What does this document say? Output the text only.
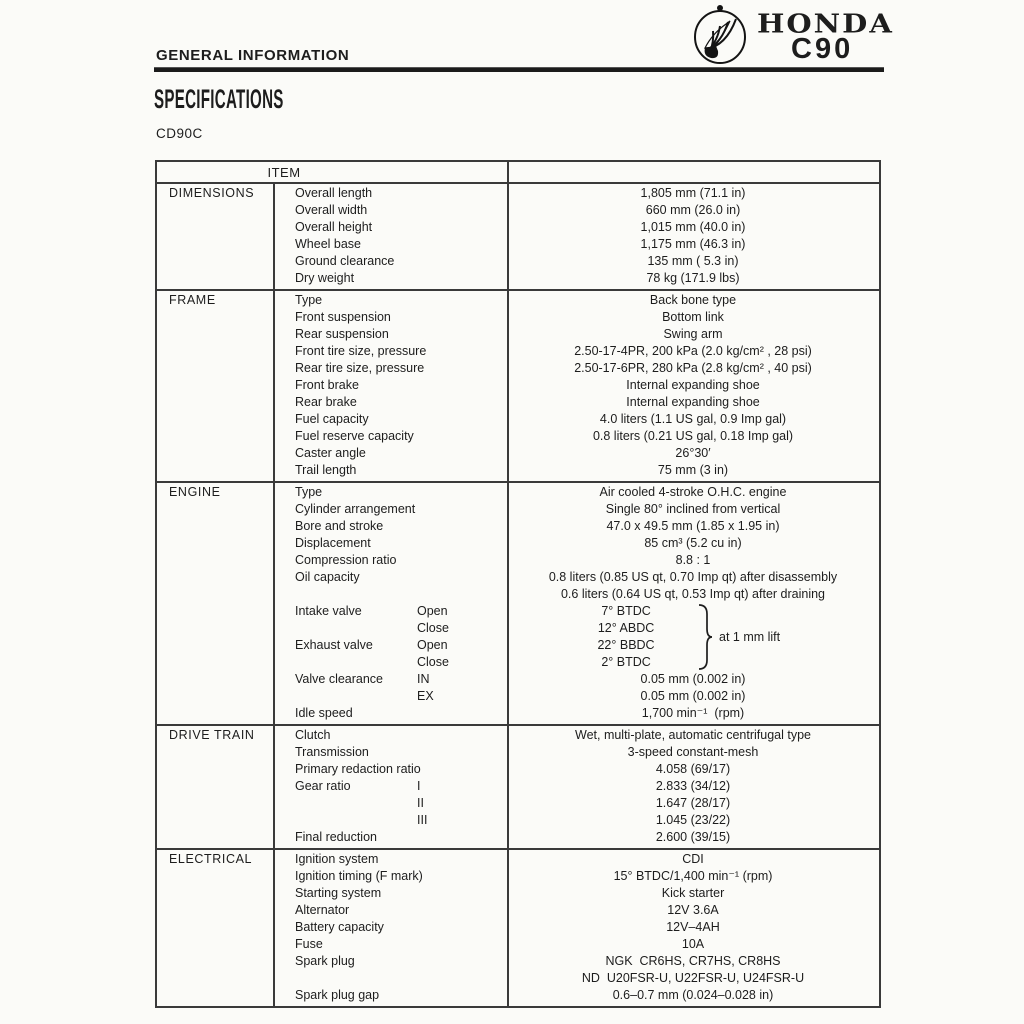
GENERAL INFORMATION
HONDA
C90
SPECIFICATIONS
CD90C
ITEM
DIMENSIONS	Overall length	1,805 mm (71.1 in)
Overall width	660 mm (26.0 in)
Overall height	1,015 mm (40.0 in)
Wheel base	1,175 mm (46.3 in)
Ground clearance	135 mm ( 5.3 in)
Dry weight	78 kg (171.9 lbs)
FRAME	Type	Back bone type
Front suspension	Bottom link
Rear suspension	Swing arm
Front tire size, pressure	2.50-17-4PR, 200 kPa (2.0 kg/cm² , 28 psi)
Rear tire size, pressure	2.50-17-6PR, 280 kPa (2.8 kg/cm² , 40 psi)
Front brake	Internal expanding shoe
Rear brake	Internal expanding shoe
Fuel capacity	4.0 liters (1.1 US gal, 0.9 Imp gal)
Fuel reserve capacity	0.8 liters (0.21 US gal, 0.18 Imp gal)
Caster angle	26°30′
Trail length	75 mm (3 in)
ENGINE	Type	Air cooled 4-stroke O.H.C. engine
Cylinder arrangement	Single 80° inclined from vertical
Bore and stroke	47.0 x 49.5 mm (1.85 x 1.95 in)
Displacement	85 cm³ (5.2 cu in)
Compression ratio	8.8 : 1
Oil capacity	0.8 liters (0.85 US qt, 0.70 Imp qt) after disassembly
0.6 liters (0.64 US qt, 0.53 Imp qt) after draining
Intake valve	Open	7° BTDC
Close	12° ABDC
Exhaust valve	Open	22° BBDC
Close	2° BTDC
Valve clearance	IN	0.05 mm (0.002 in)
EX	0.05 mm (0.002 in)
Idle speed	1,700 min⁻¹  (rpm)
at 1 mm lift
DRIVE TRAIN	Clutch	Wet, multi-plate, automatic centrifugal type
Transmission	3-speed constant-mesh
Primary redaction ratio	4.058 (69/17)
Gear ratio	I	2.833 (34/12)
II	1.647 (28/17)
III	1.045 (23/22)
Final reduction	2.600 (39/15)
ELECTRICAL	Ignition system	CDI
Ignition timing (F mark)	15° BTDC/1,400 min⁻¹ (rpm)
Starting system	Kick starter
Alternator	12V 3.6A
Battery capacity	12V–4AH
Fuse	10A
Spark plug	NGK  CR6HS, CR7HS, CR8HS
ND  U20FSR-U, U22FSR-U, U24FSR-U
Spark plug gap	0.6–0.7 mm (0.024–0.028 in)
